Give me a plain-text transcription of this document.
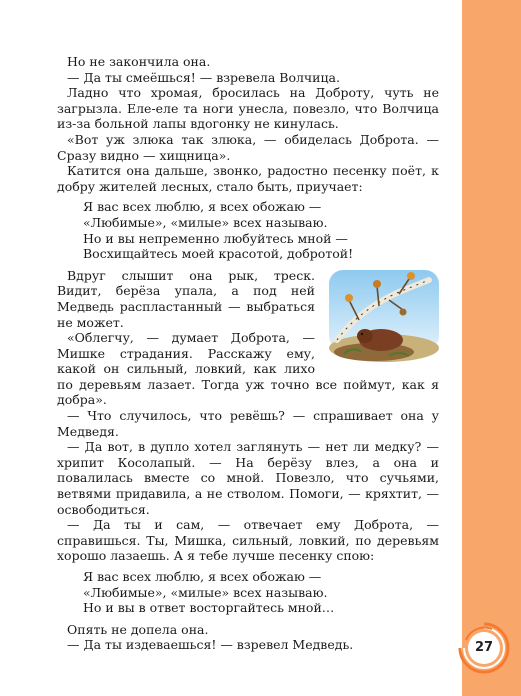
Но не закончила она.

— Да ты смеёшься! — взревела Волчица.

Ладно что хромая, бросилась на Доброту, чуть не загрызла. Еле-еле та ноги унесла, повезло, что Волчица из-за больной лапы вдогонку не кинулась.

«Вот уж злюка так злюка, — обиделась Доброта. — Сразу видно — хищница».

Катится она дальше, звонко, радостно песенку поёт, к добру жителей лесных, стало быть, приучает:

Я вас всех люблю, я всех обожаю —

«Любимые», «милые» всех называю.

Но и вы непременно любуйтесь мной —

Восхищайтесь моей красотой, добротой!

Вдруг слышит она рык, треск. Видит, берёза упала, а под ней Медведь распластанный — выбраться не может.

«Облегчу, — думает Доброта, — Мишке страдания. Расскажу ему, какой он сильный, ловкий, как лихо по деревьям лазает. Тогда уж точно все поймут, как я добра».

— Что случилось, что ревёшь? — спрашивает она у Медведя.

— Да вот, в дупло хотел заглянуть — нет ли медку? — хрипит Косолапый. — На берёзу влез, а она и повалилась вместе со мной. Повезло, что сучьями, ветвями придавила, а не стволом. Помоги, — кряхтит, — освободиться.

— Да ты и сам, — отвечает ему Доброта, — справишься. Ты, Мишка, сильный, ловкий, по деревьям хорошо лазаешь. А я тебе лучше песенку спою:

Я вас всех люблю, я всех обожаю —

«Любимые», «милые» всех называю.

Но и вы в ответ восторгайтесь мной…

Опять не допела она.

— Да ты издеваешься! — взревел Медведь.	27
